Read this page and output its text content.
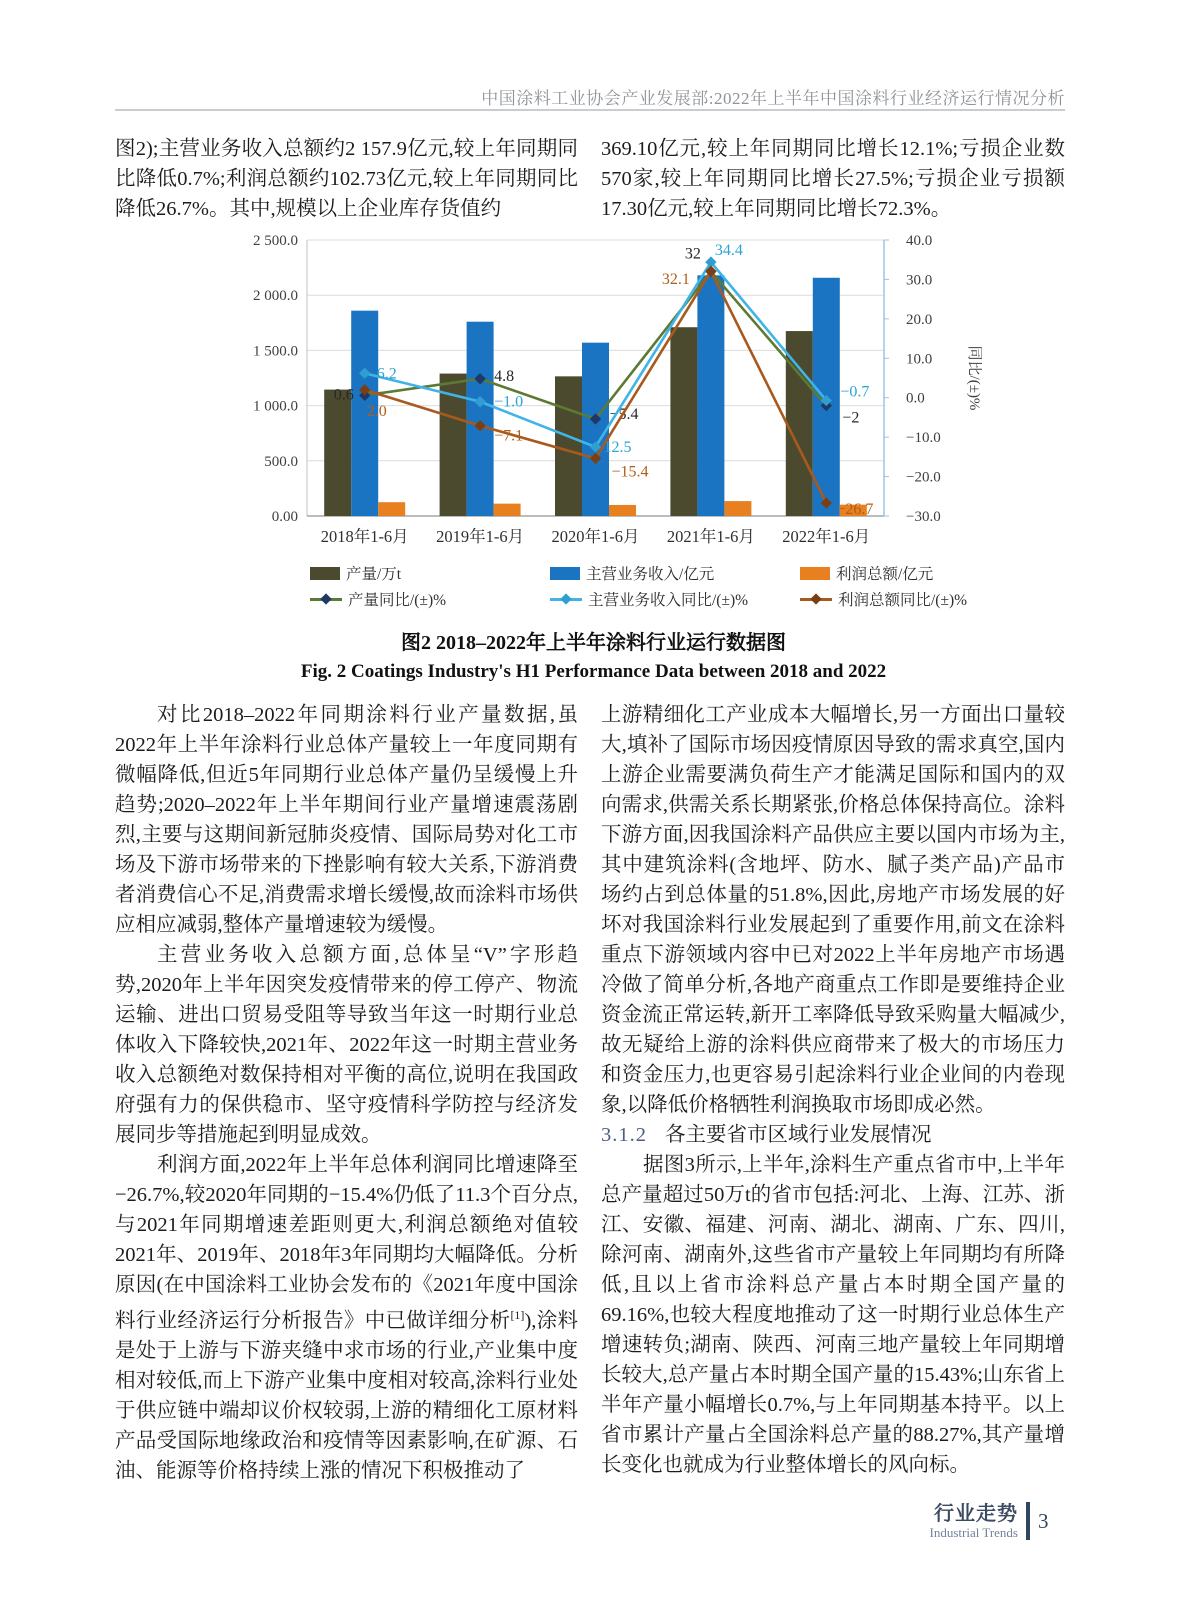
中国涂料工业协会产业发展部:2022年上半年中国涂料行业经济运行情况分析
图2);主营业务收入总额约2 157.9亿元,较上年同期同比降低0.7%;利润总额约102.73亿元,较上年同期同比降低26.7%。其中,规模以上企业库存货值约
369.10亿元,较上年同期同比增长12.1%;亏损企业数570家,较上年同期同比增长27.5%;亏损企业亏损额17.30亿元,较上年同期同比增长72.3%。
2 500.0
2 000.0
1 500.0
1 000.0
500.0
0.00
40.0
30.0
20.0
10.0
0.0
−10.0
−20.0
−30.0
2018年1-6月 2019年1-6月 2020年1-6月 2021年1-6月 2022年1-6月
0.6
4.8
−5.4
32
−2
6.2
−1.0
12.5
34.4
−0.7
2.0
−7.1
−15.4
32.1
−26.7
同比/(±)%
产量/万t	主营业务收入/亿元	利润总额/亿元
产量同比/(±)%	主营业务收入同比/(±)%	利润总额同比/(±)%
图2 2018–2022年上半年涂料行业运行数据图
Fig. 2 Coatings Industry's H1 Performance Data between 2018 and 2022
对比2018–2022年同期涂料行业产量数据,虽2022年上半年涂料行业总体产量较上一年度同期有微幅降低,但近5年同期行业总体产量仍呈缓慢上升趋势;2020–2022年上半年期间行业产量增速震荡剧烈,主要与这期间新冠肺炎疫情、国际局势对化工市场及下游市场带来的下挫影响有较大关系,下游消费者消费信心不足,消费需求增长缓慢,故而涂料市场供应相应减弱,整体产量增速较为缓慢。
主营业务收入总额方面,总体呈“V”字形趋势,2020年上半年因突发疫情带来的停工停产、物流运输、进出口贸易受阻等导致当年这一时期行业总体收入下降较快,2021年、2022年这一时期主营业务收入总额绝对数保持相对平衡的高位,说明在我国政府强有力的保供稳市、坚守疫情科学防控与经济发展同步等措施起到明显成效。
利润方面,2022年上半年总体利润同比增速降至−26.7%,较2020年同期的−15.4%仍低了11.3个百分点,与2021年同期增速差距则更大,利润总额绝对值较2021年、2019年、2018年3年同期均大幅降低。分析原因(在中国涂料工业协会发布的《2021年度中国涂料行业经济运行分析报告》中已做详细分析[1]),涂料是处于上游与下游夹缝中求市场的行业,产业集中度相对较低,而上下游产业集中度相对较高,涂料行业处于供应链中端却议价权较弱,上游的精细化工原材料产品受国际地缘政治和疫情等因素影响,在矿源、石油、能源等价格持续上涨的情况下积极推动了
上游精细化工产业成本大幅增长,另一方面出口量较大,填补了国际市场因疫情原因导致的需求真空,国内上游企业需要满负荷生产才能满足国际和国内的双向需求,供需关系长期紧张,价格总体保持高位。涂料下游方面,因我国涂料产品供应主要以国内市场为主,其中建筑涂料(含地坪、防水、腻子类产品)产品市场约占到总体量的51.8%,因此,房地产市场发展的好坏对我国涂料行业发展起到了重要作用,前文在涂料重点下游领域内容中已对2022上半年房地产市场遇冷做了简单分析,各地产商重点工作即是要维持企业资金流正常运转,新开工率降低导致采购量大幅减少,故无疑给上游的涂料供应商带来了极大的市场压力和资金压力,也更容易引起涂料行业企业间的内卷现象,以降低价格牺牲利润换取市场即成必然。
3.1.2 各主要省市区域行业发展情况
据图3所示,上半年,涂料生产重点省市中,上半年总产量超过50万t的省市包括:河北、上海、江苏、浙江、安徽、福建、河南、湖北、湖南、广东、四川,除河南、湖南外,这些省市产量较上年同期均有所降低,且以上省市涂料总产量占本时期全国产量的69.16%,也较大程度地推动了这一时期行业总体生产增速转负;湖南、陕西、河南三地产量较上年同期增长较大,总产量占本时期全国产量的15.43%;山东省上半年产量小幅增长0.7%,与上年同期基本持平。以上省市累计产量占全国涂料总产量的88.27%,其产量增长变化也就成为行业整体增长的风向标。
行业走势
Industrial Trends 3
